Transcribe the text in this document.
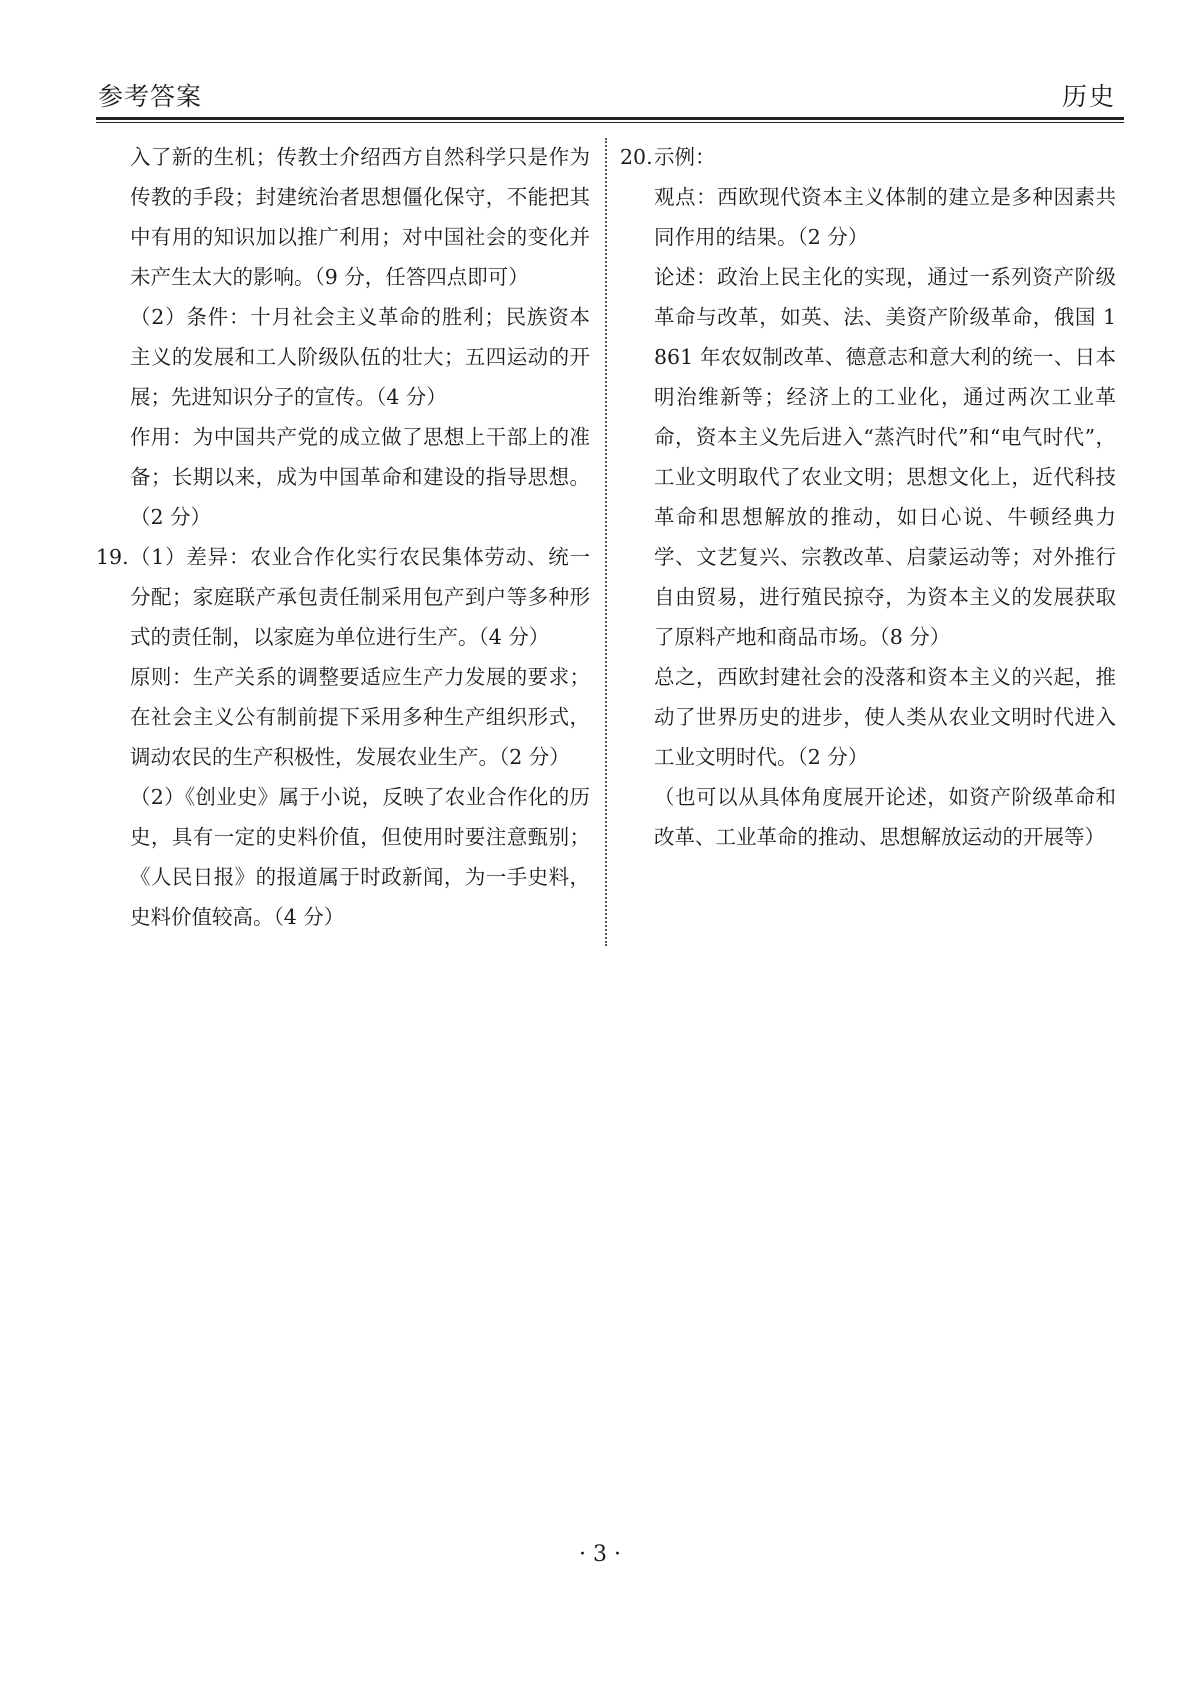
参考答案	历史

入了新的生机；传教士介绍西方自然科学只是作为传教的手段；封建统治者思想僵化保守，不能把其中有用的知识加以推广利用；对中国社会的变化并未产生太大的影响。（9 分，任答四点即可）

（2）条件：十月社会主义革命的胜利；民族资本主义的发展和工人阶级队伍的壮大；五四运动的开展；先进知识分子的宣传。（4 分）

作用：为中国共产党的成立做了思想上干部上的准备；长期以来，成为中国革命和建设的指导思想。（2 分）

19. （1）差异：农业合作化实行农民集体劳动、统一分配；家庭联产承包责任制采用包产到户等多种形式的责任制，以家庭为单位进行生产。（4 分）

原则：生产关系的调整要适应生产力发展的要求；在社会主义公有制前提下采用多种生产组织形式，调动农民的生产积极性，发展农业生产。（2 分）

（2）《创业史》属于小说，反映了农业合作化的历史，具有一定的史料价值，但使用时要注意甄别；《人民日报》的报道属于时政新闻，为一手史料，史料价值较高。（4 分）

20. 示例：

观点：西欧现代资本主义体制的建立是多种因素共同作用的结果。（2 分）

论述：政治上民主化的实现，通过一系列资产阶级革命与改革，如英、法、美资产阶级革命，俄国 1861 年农奴制改革、德意志和意大利的统一、日本明治维新等；经济上的工业化，通过两次工业革命，资本主义先后进入“蒸汽时代”和“电气时代”，工业文明取代了农业文明；思想文化上，近代科技革命和思想解放的推动，如日心说、牛顿经典力学、文艺复兴、宗教改革、启蒙运动等；对外推行自由贸易，进行殖民掠夺，为资本主义的发展获取了原料产地和商品市场。（8 分）

总之，西欧封建社会的没落和资本主义的兴起，推动了世界历史的进步，使人类从农业文明时代进入工业文明时代。（2 分）

（也可以从具体角度展开论述，如资产阶级革命和改革、工业革命的推动、思想解放运动的开展等）

· 3 ·
